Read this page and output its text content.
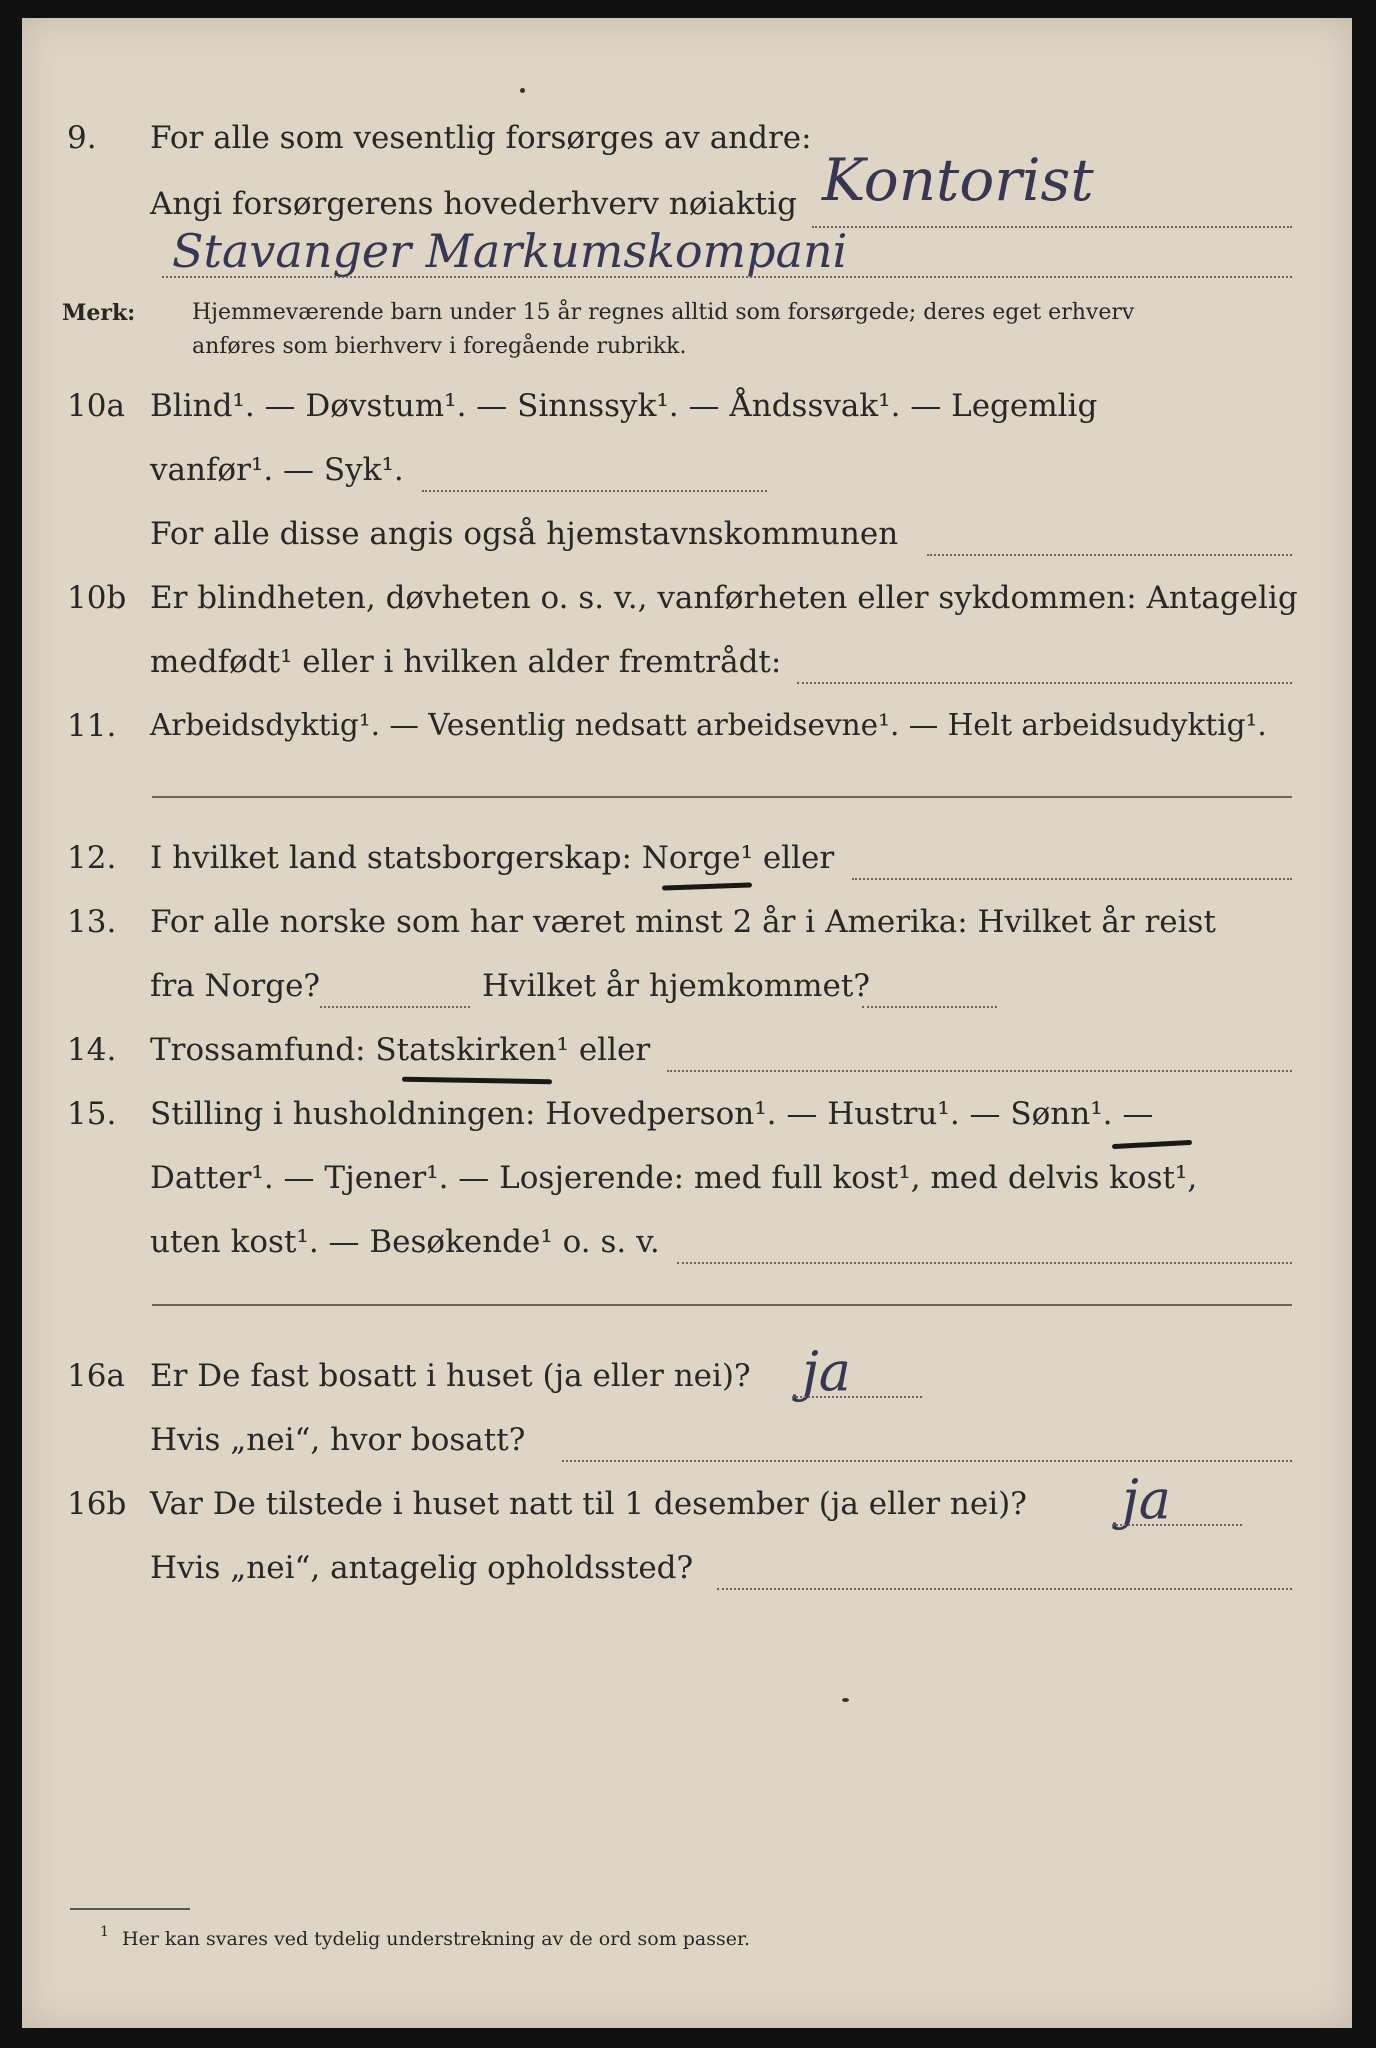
9. For alle som vesentlig forsørges av andre:
Angi forsørgerens hovederhverv nøiaktig Kontorist
Stavanger Markumskompani
Merk:	Hjemmeværende barn under 15 år regnes alltid som forsørgede; deres eget erhverv
anføres som bierhverv i foregående rubrikk.
10a Blind¹. — Døvstum¹. — Sinnssyk¹. — Åndssvak¹. — Legemlig
vanfør¹. — Syk¹.
For alle disse angis også hjemstavnskommunen
10b Er blindheten, døvheten o. s. v., vanførheten eller sykdommen: Antagelig
medfødt¹ eller i hvilken alder fremtrådt:
11. Arbeidsdyktig¹. — Vesentlig nedsatt arbeidsevne¹. — Helt arbeidsudyktig¹.
12. I hvilket land statsborgerskap: Norge¹ eller
13. For alle norske som har været minst 2 år i Amerika: Hvilket år reist
fra Norge?	Hvilket år hjemkommet?
14. Trossamfund: Statskirken¹ eller
15. Stilling i husholdningen: Hovedperson¹. — Hustru¹. — Sønn¹. —
Datter¹. — Tjener¹. — Losjerende: med full kost¹, med delvis kost¹,
uten kost¹. — Besøkende¹ o. s. v.
16a Er De fast bosatt i huset (ja eller nei)? ja
Hvis „nei“, hvor bosatt?
16b Var De tilstede i huset natt til 1 desember (ja eller nei)? ja
Hvis „nei“, antagelig opholdssted?
1 Her kan svares ved tydelig understrekning av de ord som passer.
